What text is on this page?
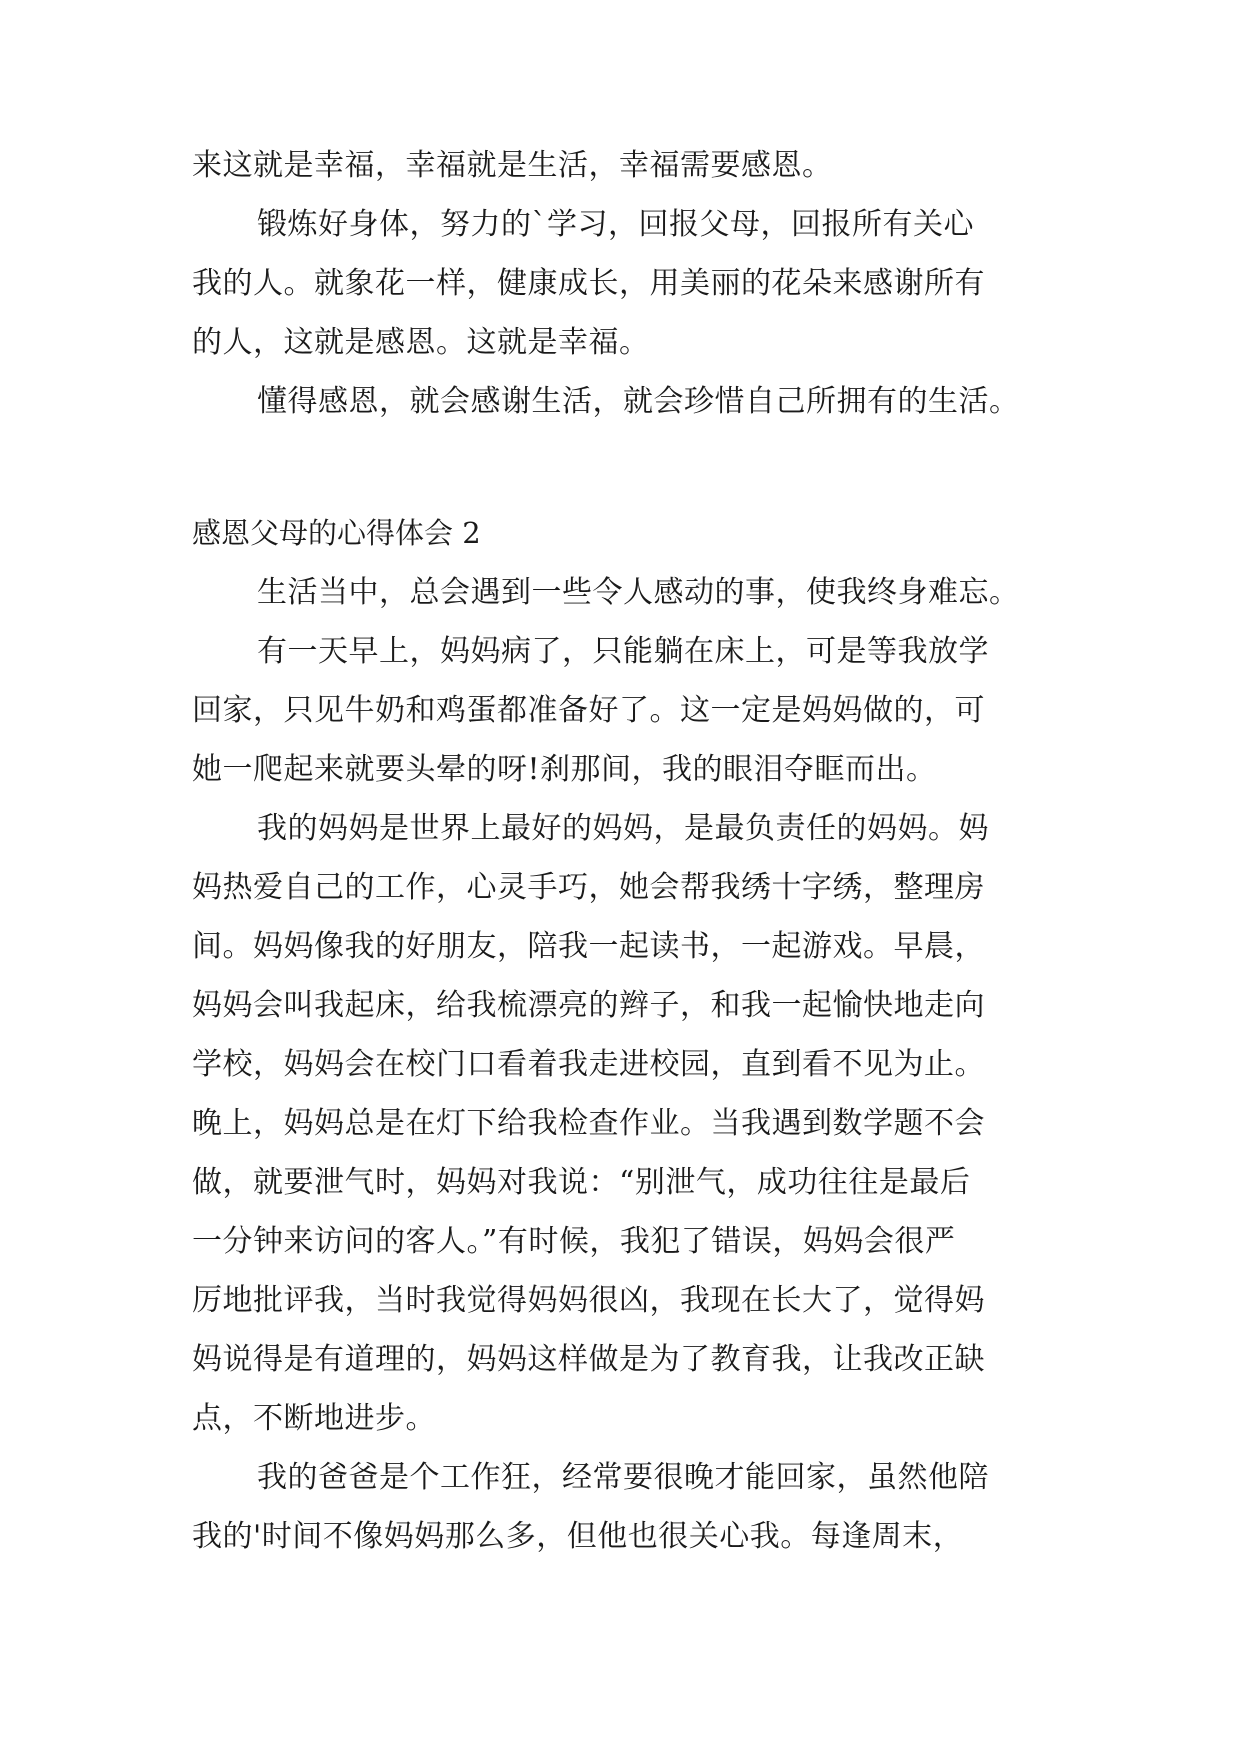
来这就是幸福，幸福就是生活，幸福需要感恩。
锻炼好身体，努力的`学习，回报父母，回报所有关心
我的人。就象花一样，健康成长，用美丽的花朵来感谢所有
的人，这就是感恩。这就是幸福。
懂得感恩，就会感谢生活，就会珍惜自己所拥有的生活。
感恩父母的心得体会 2
生活当中，总会遇到一些令人感动的事，使我终身难忘。
有一天早上，妈妈病了，只能躺在床上，可是等我放学
回家，只见牛奶和鸡蛋都准备好了。这一定是妈妈做的，可
她一爬起来就要头晕的呀!刹那间，我的眼泪夺眶而出。
我的妈妈是世界上最好的妈妈，是最负责任的妈妈。妈
妈热爱自己的工作，心灵手巧，她会帮我绣十字绣，整理房
间。妈妈像我的好朋友，陪我一起读书，一起游戏。早晨，
妈妈会叫我起床，给我梳漂亮的辫子，和我一起愉快地走向
学校，妈妈会在校门口看着我走进校园，直到看不见为止。
晚上，妈妈总是在灯下给我检查作业。当我遇到数学题不会
做，就要泄气时，妈妈对我说：“别泄气，成功往往是最后
一分钟来访问的客人。”有时候，我犯了错误，妈妈会很严
厉地批评我，当时我觉得妈妈很凶，我现在长大了，觉得妈
妈说得是有道理的，妈妈这样做是为了教育我，让我改正缺
点，不断地进步。
我的爸爸是个工作狂，经常要很晚才能回家，虽然他陪
我的'时间不像妈妈那么多，但他也很关心我。每逢周末，
